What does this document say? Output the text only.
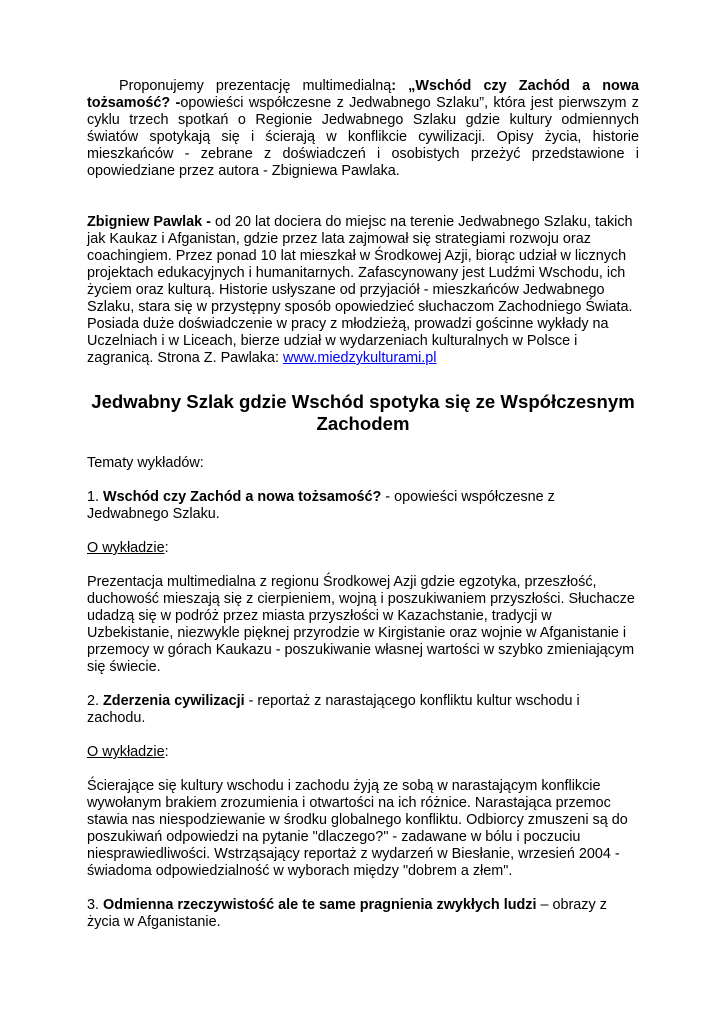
Proponujemy prezentację multimedialną: „Wschód czy Zachód a nowa tożsamość? -opowieści współczesne z Jedwabnego Szlaku”, która jest pierwszym z cyklu trzech spotkań o Regionie Jedwabnego Szlaku gdzie kultury odmiennych światów spotykają się i ścierają w konflikcie cywilizacji. Opisy życia, historie mieszkańców - zebrane z doświadczeń i osobistych przeżyć przedstawione i opowiedziane przez autora - Zbigniewa Pawlaka.

Zbigniew Pawlak - od 20 lat dociera do miejsc na terenie Jedwabnego Szlaku, takich jak Kaukaz i Afganistan, gdzie przez lata zajmował się strategiami rozwoju oraz coachingiem. Przez ponad 10 lat mieszkał w Środkowej Azji, biorąc udział w licznych projektach edukacyjnych i humanitarnych. Zafascynowany jest Ludźmi Wschodu, ich życiem oraz kulturą. Historie usłyszane od przyjaciół - mieszkańców Jedwabnego Szlaku, stara się w przystępny sposób opowiedzieć słuchaczom Zachodniego Świata. Posiada duże doświadczenie w pracy z młodzieżą, prowadzi gościnne wykłady na Uczelniach i w Liceach, bierze udział w wydarzeniach kulturalnych w Polsce i zagranicą. Strona Z. Pawlaka: www.miedzykulturami.pl

Jedwabny Szlak gdzie Wschód spotyka się ze Współczesnym Zachodem

Tematy wykładów:

1. Wschód czy Zachód a nowa tożsamość? - opowieści współczesne z Jedwabnego Szlaku.

O wykładzie:

Prezentacja multimedialna z regionu Środkowej Azji gdzie egzotyka, przeszłość, duchowość mieszają się z cierpieniem, wojną i poszukiwaniem przyszłości. Słuchacze udadzą się w podróż przez miasta przyszłości w Kazachstanie, tradycji w Uzbekistanie, niezwykle pięknej przyrodzie w Kirgistanie oraz wojnie w Afganistanie i przemocy w górach Kaukazu - poszukiwanie własnej wartości w szybko zmieniającym się świecie.

2. Zderzenia cywilizacji - reportaż z narastającego konfliktu kultur wschodu i zachodu.

O wykładzie:

Ścierające się kultury wschodu i zachodu żyją ze sobą w narastającym konflikcie wywołanym brakiem zrozumienia i otwartości na ich różnice. Narastająca przemoc stawia nas niespodziewanie w środku globalnego konfliktu. Odbiorcy zmuszeni są do poszukiwań odpowiedzi na pytanie "dlaczego?" - zadawane w bólu i poczuciu niesprawiedliwości. Wstrząsający reportaż z wydarzeń w Biesłanie, wrzesień 2004 - świadoma odpowiedzialność w wyborach między "dobrem a złem".

3. Odmienna rzeczywistość ale te same pragnienia zwykłych ludzi – obrazy z życia w Afganistanie.
